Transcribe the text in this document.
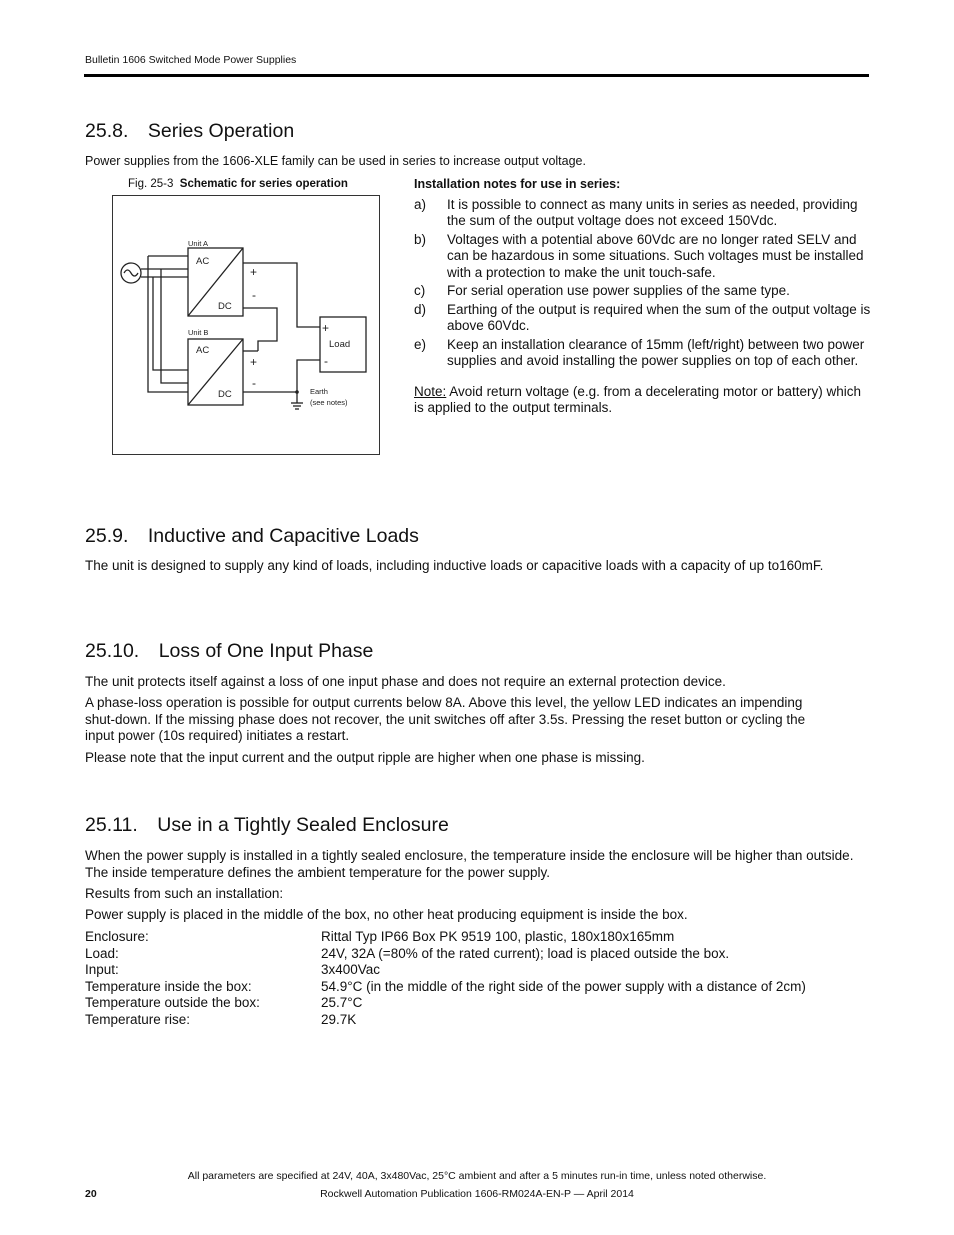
Bulletin 1606 Switched Mode Power Supplies
25.8. Series Operation
Power supplies from the 1606-XLE family can be used in series to increase output voltage.
Fig. 25-3 Schematic for series operation
Unit A
AC
DC
+
-
Unit B
AC
DC
+
-
+
Load
-
Earth
(see notes)
Installation notes for use in series:
a)	It is possible to connect as many units in series as needed, providing the sum of the output voltage does not exceed 150Vdc.
b)	Voltages with a potential above 60Vdc are no longer rated SELV and can be hazardous in some situations. Such voltages must be installed with a protection to make the unit touch-safe.
c)	For serial operation use power supplies of the same type.
d)	Earthing of the output is required when the sum of the output voltage is above 60Vdc.
e)	Keep an installation clearance of 15mm (left/right) between two power supplies and avoid installing the power supplies on top of each other.
Note: Avoid return voltage (e.g. from a decelerating motor or battery) which is applied to the output terminals.
25.9. Inductive and Capacitive Loads
The unit is designed to supply any kind of loads, including inductive loads or capacitive loads with a capacity of up to160mF.
25.10. Loss of One Input Phase
The unit protects itself against a loss of one input phase and does not require an external protection device.
A phase-loss operation is possible for output currents below 8A. Above this level, the yellow LED indicates an impending shut-down. If the missing phase does not recover, the unit switches off after 3.5s. Pressing the reset button or cycling the input power (10s required) initiates a restart.
Please note that the input current and the output ripple are higher when one phase is missing.
25.11. Use in a Tightly Sealed Enclosure
When the power supply is installed in a tightly sealed enclosure, the temperature inside the enclosure will be higher than outside. The inside temperature defines the ambient temperature for the power supply.
Results from such an installation:
Power supply is placed in the middle of the box, no other heat producing equipment is inside the box.
Enclosure:	Rittal Typ IP66 Box PK 9519 100, plastic, 180x180x165mm
Load:	24V, 32A (=80% of the rated current); load is placed outside the box.
Input:	3x400Vac
Temperature inside the box:	54.9°C (in the middle of the right side of the power supply with a distance of 2cm)
Temperature outside the box:	25.7°C
Temperature rise:	29.7K
All parameters are specified at 24V, 40A, 3x480Vac, 25°C ambient and after a 5 minutes run-in time, unless noted otherwise.
20	Rockwell Automation Publication 1606-RM024A-EN-P — April 2014
